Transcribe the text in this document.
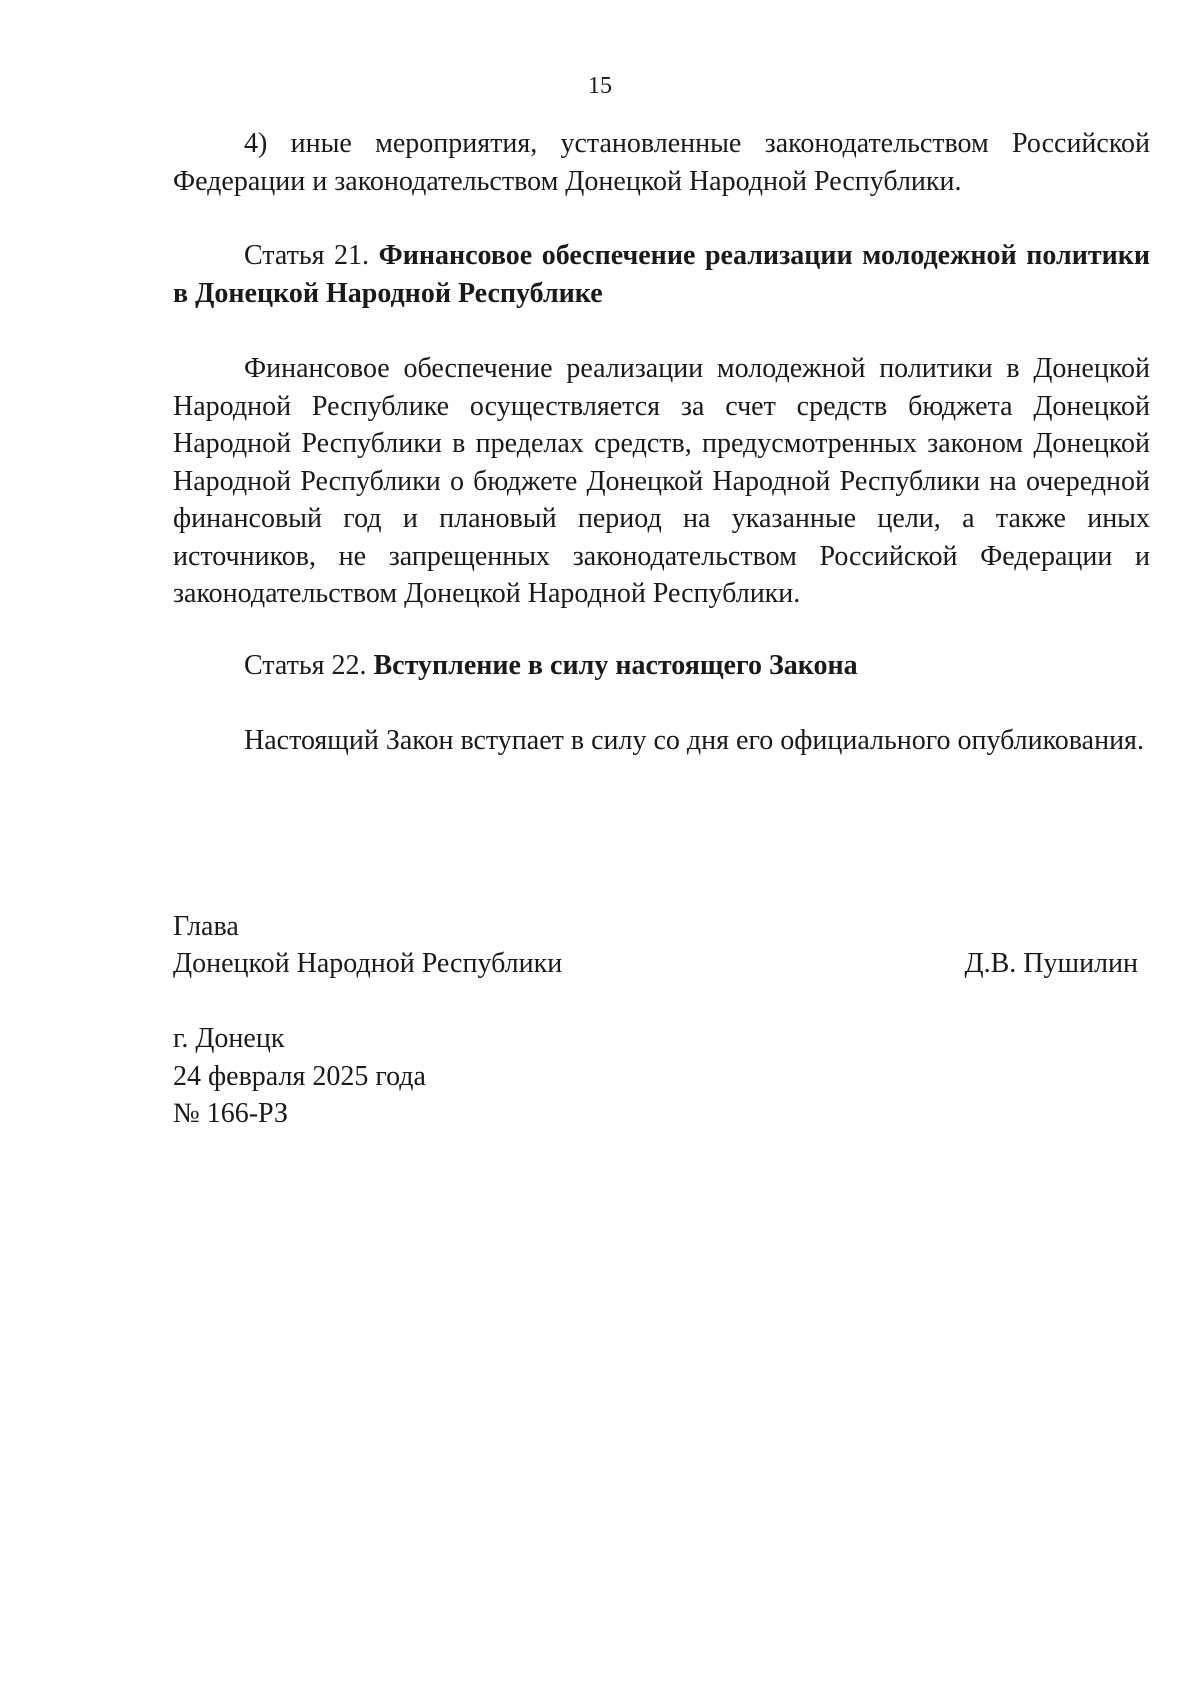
15

4) иные мероприятия, установленные законодательством Российской Федерации и законодательством Донецкой Народной Республики.

Статья 21. Финансовое обеспечение реализации молодежной политики в Донецкой Народной Республике

Финансовое обеспечение реализации молодежной политики в Донецкой Народной Республике осуществляется за счет средств бюджета Донецкой Народной Республики в пределах средств, предусмотренных законом Донецкой Народной Республики о бюджете Донецкой Народной Республики на очередной финансовый год и плановый период на указанные цели, а также иных источников, не запрещенных законодательством Российской Федерации и законодательством Донецкой Народной Республики.

Статья 22. Вступление в силу настоящего Закона

Настоящий Закон вступает в силу со дня его официального опубликования.

Глава
Донецкой Народной Республики	Д.В. Пушилин
г. Донецк
24 февраля 2025 года
№ 166-РЗ
